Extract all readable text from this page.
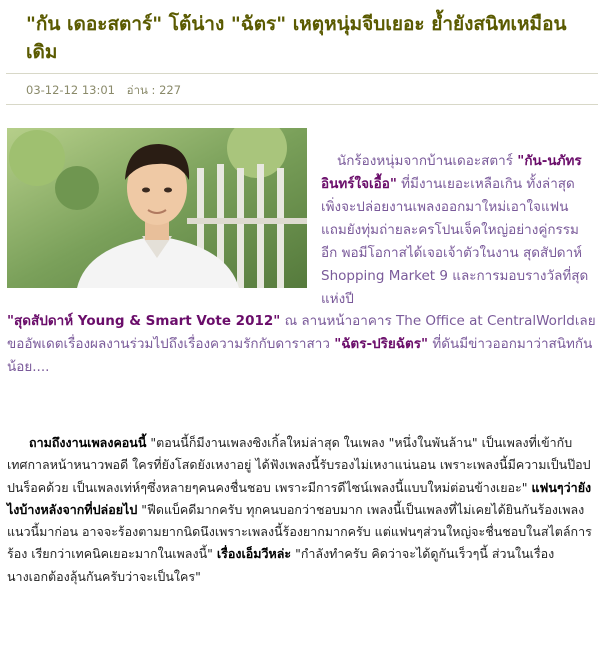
"กัน เดอะสตาร์" โต้น่าง "ฉัตร" เหตุหนุ่มจีบเยอะ ย้ำยังสนิทเหมือนเดิม
03-12-12 13:01 อ่าน : 227

นักร้องหนุ่มจากบ้านเดอะสตาร์ "กัน-นภัทร อินทร์ใจเอื้อ" ที่มีงานเยอะเหลือเกิน ทั้งล่าสุดเพิ่งจะปล่อยงานเพลงออกมาใหม่เอาใจแฟน แถมยังทุ่มถ่ายละครโปนเจ็คใหญ่อย่างคู่กรรมอีก พอมีโอกาสได้เจอเจ้าตัวในงาน สุดสัปดาห์ Shopping Market 9 และการมอบรางวัลที่สุดแห่งปี

"สุดสัปดาห์ Young & Smart Vote 2012" ณ ลานหน้าอาคาร The Office at CentralWorldเลยขออัพเดตเรื่องผลงานร่วมไปถึงเรื่องความรักกับดาราสาว "ฉัตร-ปริยฉัตร" ที่ดันมีข่าวออกมาว่าสนิทกันน้อย....

ถามถึงงานเพลงคอนนี้ "ตอนนี้ก็มีงานเพลงซิงเกิ้ลใหม่ล่าสุด ในเพลง "หนึ่งในพันล้าน" เป็นเพลงที่เข้ากับเทศกาลหน้าหนาวพอดี ใครที่ยังโสดยังเหงาอยู่ ได้ฟังเพลงนี้รับรองไม่เหงาแน่นอน เพราะเพลงนี้มีความเป็นป๊อปปนร็อคด้วย เป็นเพลงเท่ห์ๆซึ่งหลายๆคนคงชื่นชอบ เพราะมีการดีไซน์เพลงนี้แบบใหม่ต่อนข้างเยอะ" แฟนๆว่ายังไงบ้างหลังจากที่ปล่อยไป "ฟีดแบ็คดีมากครับ ทุกคนบอกว่าชอบมาก เพลงนี้เป็นเพลงที่ไม่เคยได้ยินกันร้องเพลงแนวนี้มาก่อน อาจจะร้องตามยากนิดนึงเพราะเพลงนี้ร้องยากมากครับ แต่แฟนๆส่วนใหญ่จะชื่นชอบในสไตล์การร้อง เรียกว่าเทคนิคเยอะมากในเพลงนี้" เรื่องเอ็มวีหล่ะ "กำลังทำครับ คิดว่าจะได้ดูกันเร็วๆนี้ ส่วนในเรื่องนางเอกต้องลุ้นกันครับว่าจะเป็นใคร"
